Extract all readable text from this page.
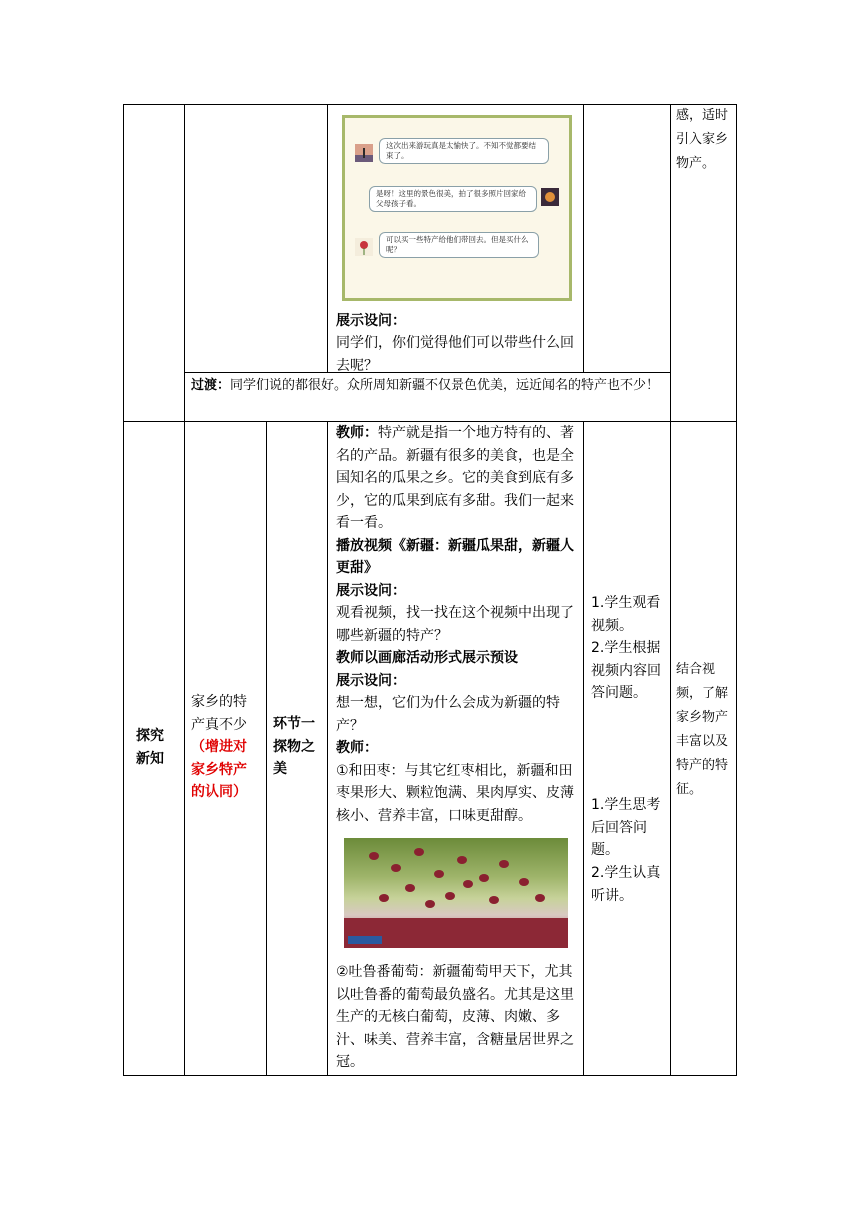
感，适时引入家乡物产。
这次出来游玩真是太愉快了。不知不觉都要结束了。
是呀！这里的景色很美，拍了很多照片回家给父母孩子看。
可以买一些特产给他们带回去。但是买什么呢？
展示设问：
同学们，你们觉得他们可以带些什么回去呢？
过渡：同学们说的都很好。众所周知新疆不仅景色优美，远近闻名的特产也不少！
探究新知
家乡的特产真不少（增进对家乡特产的认同）
环节一探物之美
教师：特产就是指一个地方特有的、著名的产品。新疆有很多的美食，也是全国知名的瓜果之乡。它的美食到底有多少，它的瓜果到底有多甜。我们一起来看一看。
播放视频《新疆：新疆瓜果甜，新疆人更甜》
展示设问：
观看视频，找一找在这个视频中出现了哪些新疆的特产？
教师以画廊活动形式展示预设
展示设问：
想一想，它们为什么会成为新疆的特产？
教师：
①和田枣：与其它红枣相比，新疆和田枣果形大、颗粒饱满、果肉厚实、皮薄核小、营养丰富，口味更甜醇。
②吐鲁番葡萄：新疆葡萄甲天下，尤其以吐鲁番的葡萄最负盛名。尤其是这里生产的无核白葡萄，皮薄、肉嫩、多汁、味美、营养丰富，含糖量居世界之冠。
1.学生观看视频。
2.学生根据视频内容回答问题。
1.学生思考后回答问题。
2.学生认真听讲。
结合视频，了解家乡物产丰富以及特产的特征。
